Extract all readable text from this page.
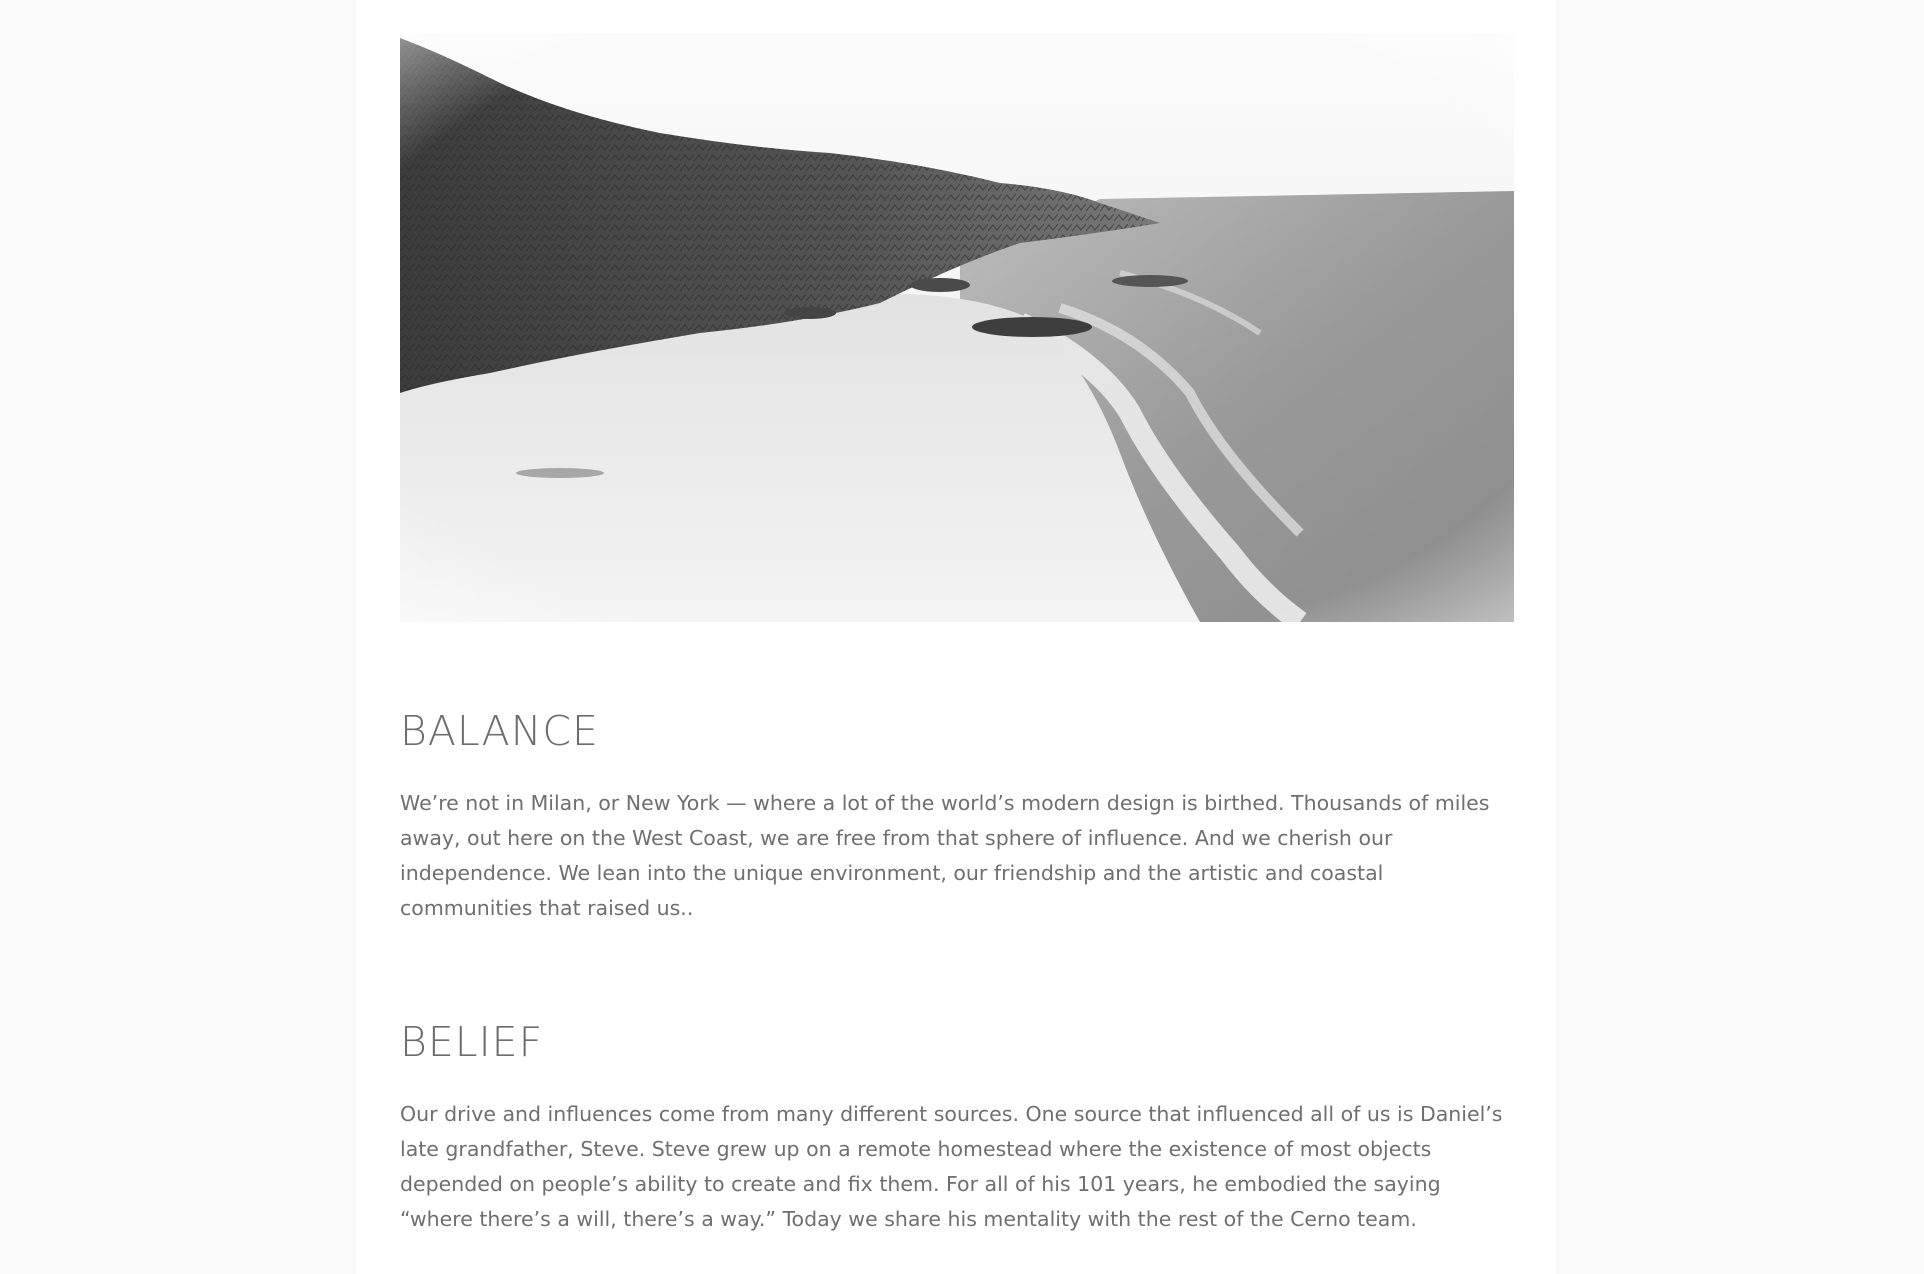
BALANCE

We’re not in Milan, or New York — where a lot of the world’s modern design is birthed. Thousands of miles away, out here on the West Coast, we are free from that sphere of influence. And we cherish our independence. We lean into the unique environment, our friendship and the artistic and coastal communities that raised us..

BELIEF

Our drive and influences come from many different sources. One source that influenced all of us is Daniel’s late grandfather, Steve. Steve grew up on a remote homestead where the existence of most objects depended on people’s ability to create and fix them. For all of his 101 years, he embodied the saying “where there’s a will, there’s a way.” Today we share his mentality with the rest of the Cerno team.
